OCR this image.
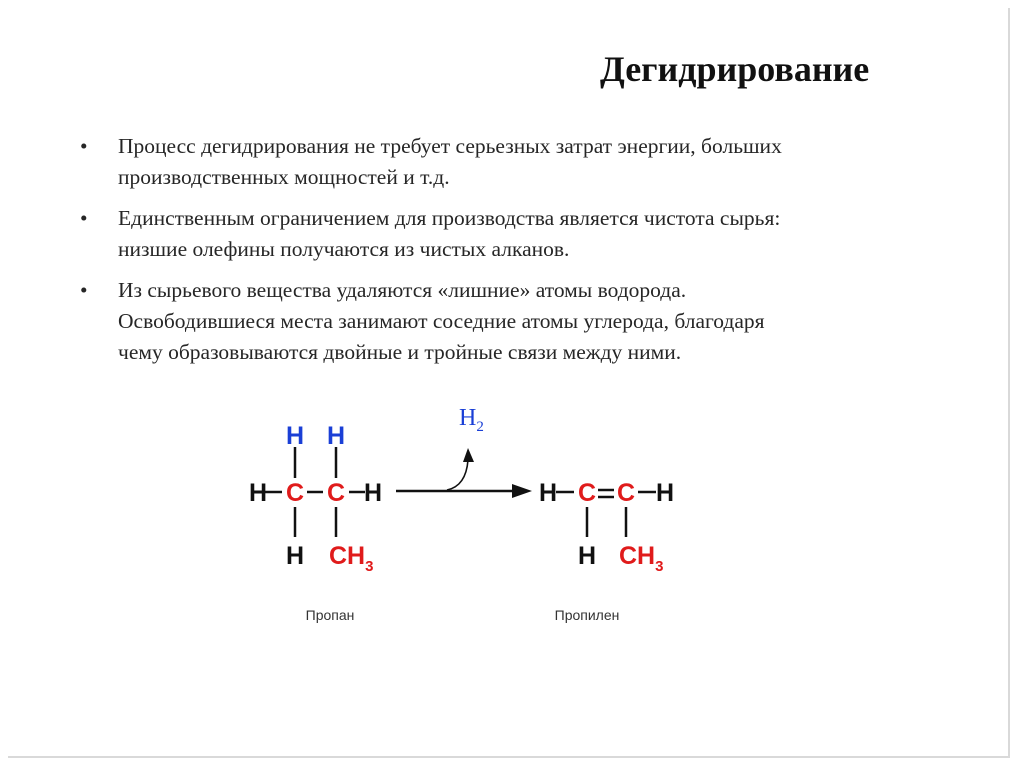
Дегидрирование
•	Процесс дегидрирования не требует серьезных затрат энергии, больших
производственных мощностей и т.д.
•	Единственным ограничением для производства является чистота сырья:
низшие олефины получаются из чистых алканов.
•	Из сырьевого вещества удаляются «лишние» атомы водорода.
Освободившиеся места занимают соседние атомы углерода, благодаря
чему образовываются двойные и тройные связи между ними.
H H
H C C H
H $CH_3$
Пропан
$H_2$
H C C H
H $CH_3$
Пропилен
